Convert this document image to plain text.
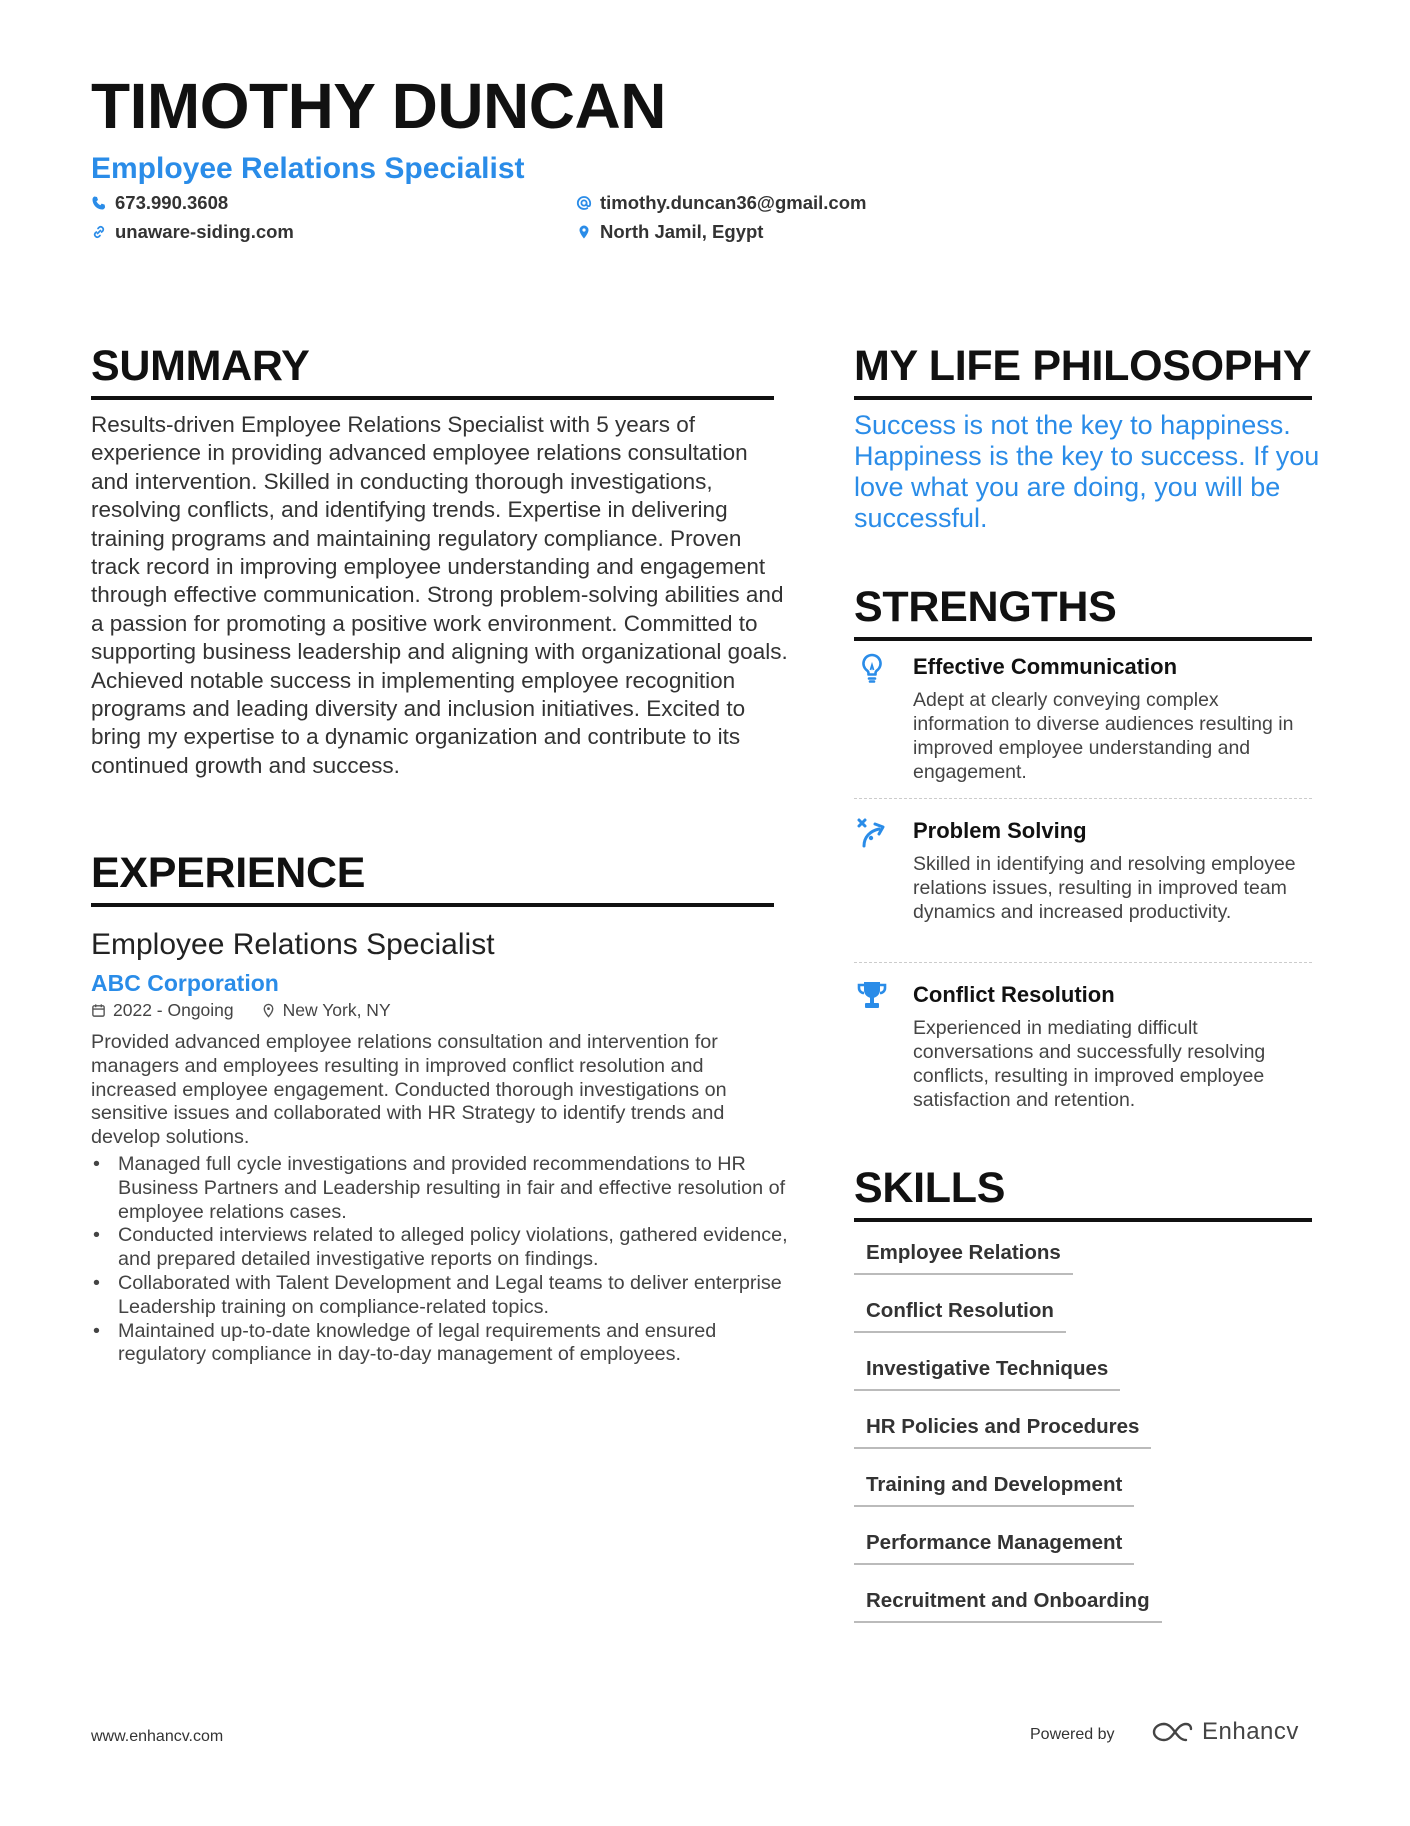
TIMOTHY DUNCAN
Employee Relations Specialist
673.990.3608	timothy.duncan36@gmail.com
unaware-siding.com	North Jamil, Egypt
SUMMARY
Results-driven Employee Relations Specialist with 5 years of experience in providing advanced employee relations consultation and intervention. Skilled in conducting thorough investigations, resolving conflicts, and identifying trends. Expertise in delivering training programs and maintaining regulatory compliance. Proven track record in improving employee understanding and engagement through effective communication. Strong problem-solving abilities and a passion for promoting a positive work environment. Committed to supporting business leadership and aligning with organizational goals. Achieved notable success in implementing employee recognition programs and leading diversity and inclusion initiatives. Excited to bring my expertise to a dynamic organization and contribute to its continued growth and success.
EXPERIENCE
Employee Relations Specialist
ABC Corporation
2022 - Ongoing	New York, NY
Provided advanced employee relations consultation and intervention for managers and employees resulting in improved conflict resolution and increased employee engagement. Conducted thorough investigations on sensitive issues and collaborated with HR Strategy to identify trends and develop solutions.
• Managed full cycle investigations and provided recommendations to HR Business Partners and Leadership resulting in fair and effective resolution of employee relations cases.
• Conducted interviews related to alleged policy violations, gathered evidence, and prepared detailed investigative reports on findings.
• Collaborated with Talent Development and Legal teams to deliver enterprise Leadership training on compliance-related topics.
• Maintained up-to-date knowledge of legal requirements and ensured regulatory compliance in day-to-day management of employees.
MY LIFE PHILOSOPHY
Success is not the key to happiness. Happiness is the key to success. If you love what you are doing, you will be successful.
STRENGTHS
Effective Communication
Adept at clearly conveying complex information to diverse audiences resulting in improved employee understanding and engagement.
Problem Solving
Skilled in identifying and resolving employee relations issues, resulting in improved team dynamics and increased productivity.
Conflict Resolution
Experienced in mediating difficult conversations and successfully resolving conflicts, resulting in improved employee satisfaction and retention.
SKILLS
Employee Relations
Conflict Resolution
Investigative Techniques
HR Policies and Procedures
Training and Development
Performance Management
Recruitment and Onboarding
www.enhancv.com	Powered by	Enhancv
